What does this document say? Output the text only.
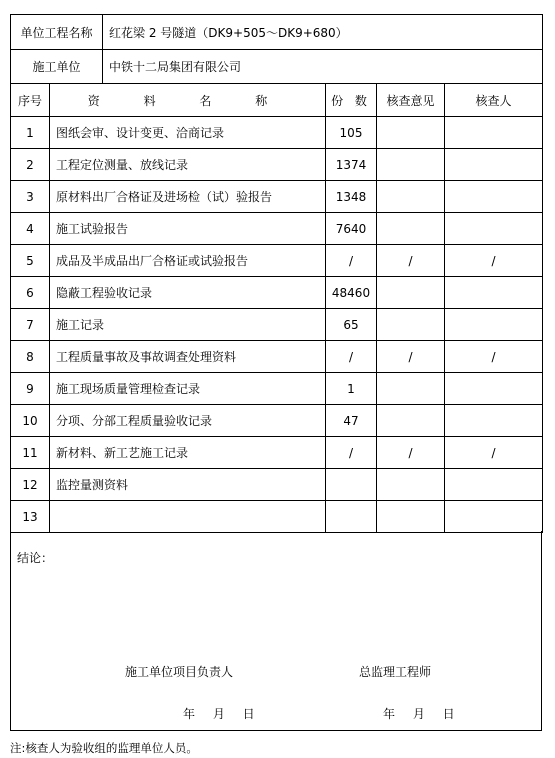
单位工程名称	红花梁 2 号隧道（DK9+505～DK9+680）
施工单位	中铁十二局集团有限公司
序号	资 料 名 称	份 数	核查意见	核查人
1	图纸会审、设计变更、洽商记录	105		
2	工程定位测量、放线记录	1374		
3	原材料出厂合格证及进场检（试）验报告	1348		
4	施工试验报告	7640		
5	成品及半成品出厂合格证或试验报告	/	/	/
6	隐蔽工程验收记录	48460		
7	施工记录	65		
8	工程质量事故及事故调查处理资料	/	/	/
9	施工现场质量管理检查记录	1		
10	分项、分部工程质量验收记录	47		
11	新材料、新工艺施工记录	/	/	/
12	监控量测资料			
13				
结论：
施工单位项目负责人	总监理工程师
年 月 日	年 月 日
注:核查人为验收组的监理单位人员。
